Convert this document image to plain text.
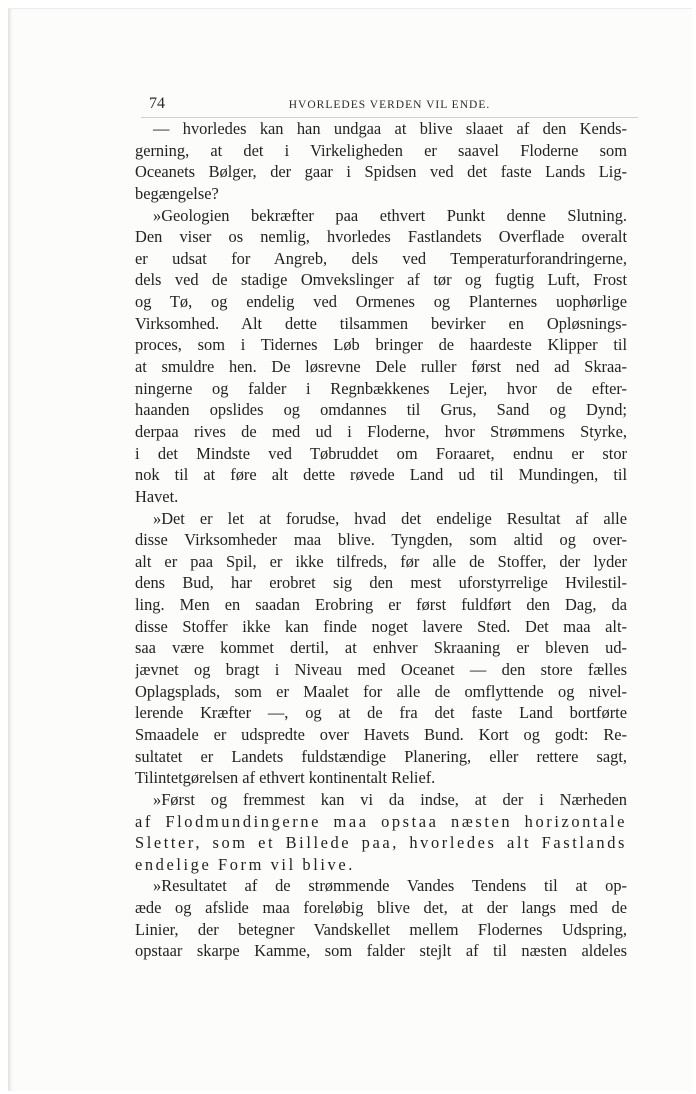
74	HVORLEDES VERDEN VIL ENDE.
— hvorledes kan han undgaa at blive slaaet af den Kends-
gerning, at det i Virkeligheden er saavel Floderne som
Oceanets Bølger, der gaar i Spidsen ved det faste Lands Lig-
begængelse?
»Geologien bekræfter paa ethvert Punkt denne Slutning.
Den viser os nemlig, hvorledes Fastlandets Overflade overalt
er udsat for Angreb, dels ved Temperaturforandringerne,
dels ved de stadige Omvekslinger af tør og fugtig Luft, Frost
og Tø, og endelig ved Ormenes og Planternes uophørlige
Virksomhed. Alt dette tilsammen bevirker en Opløsnings-
proces, som i Tidernes Løb bringer de haardeste Klipper til
at smuldre hen. De løsrevne Dele ruller først ned ad Skraa-
ningerne og falder i Regnbækkenes Lejer, hvor de efter-
haanden opslides og omdannes til Grus, Sand og Dynd;
derpaa rives de med ud i Floderne, hvor Strømmens Styrke,
i det Mindste ved Tøbruddet om Foraaret, endnu er stor
nok til at føre alt dette røvede Land ud til Mundingen, til
Havet.
»Det er let at forudse, hvad det endelige Resultat af alle
disse Virksomheder maa blive. Tyngden, som altid og over-
alt er paa Spil, er ikke tilfreds, før alle de Stoffer, der lyder
dens Bud, har erobret sig den mest uforstyrrelige Hvilestil-
ling. Men en saadan Erobring er først fuldført den Dag, da
disse Stoffer ikke kan finde noget lavere Sted. Det maa alt-
saa være kommet dertil, at enhver Skraaning er bleven ud-
jævnet og bragt i Niveau med Oceanet — den store fælles
Oplagsplads, som er Maalet for alle de omflyttende og nivel-
lerende Kræfter —, og at de fra det faste Land bortførte
Smaadele er udspredte over Havets Bund. Kort og godt: Re-
sultatet er Landets fuldstændige Planering, eller rettere sagt,
Tilintetgørelsen af ethvert kontinentalt Relief.
»Først og fremmest kan vi da indse, at der i Nærheden
af Flodmundingerne maa opstaa næsten horizontale
Sletter, som et Billede paa, hvorledes alt Fastlands
endelige Form vil blive.
»Resultatet af de strømmende Vandes Tendens til at op-
æde og afslide maa foreløbig blive det, at der langs med de
Linier, der betegner Vandskellet mellem Flodernes Udspring,
opstaar skarpe Kamme, som falder stejlt af til næsten aldeles
